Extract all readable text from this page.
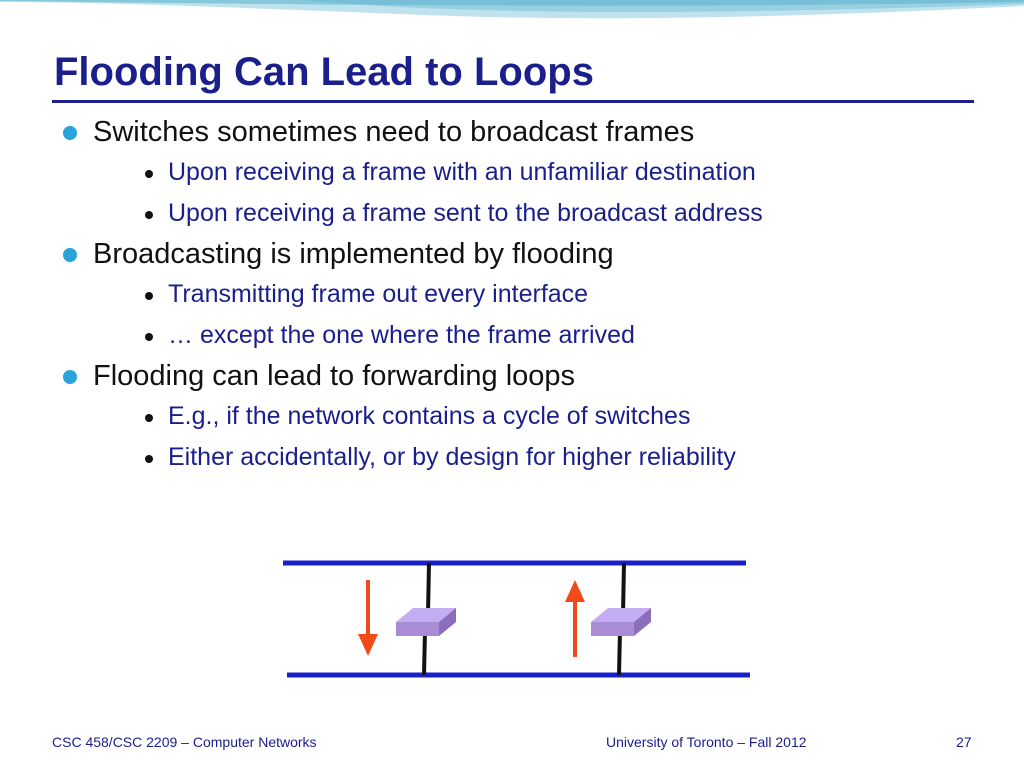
Flooding Can Lead to Loops
Switches sometimes need to broadcast frames
Upon receiving a frame with an unfamiliar destination
Upon receiving a frame sent to the broadcast address
Broadcasting is implemented by flooding
Transmitting frame out every interface
… except the one where the frame arrived
Flooding can lead to forwarding loops
E.g., if the network contains a cycle of switches
Either accidentally, or by design for higher reliability
CSC 458/CSC 2209 – Computer Networks	University of Toronto – Fall 2012	27
